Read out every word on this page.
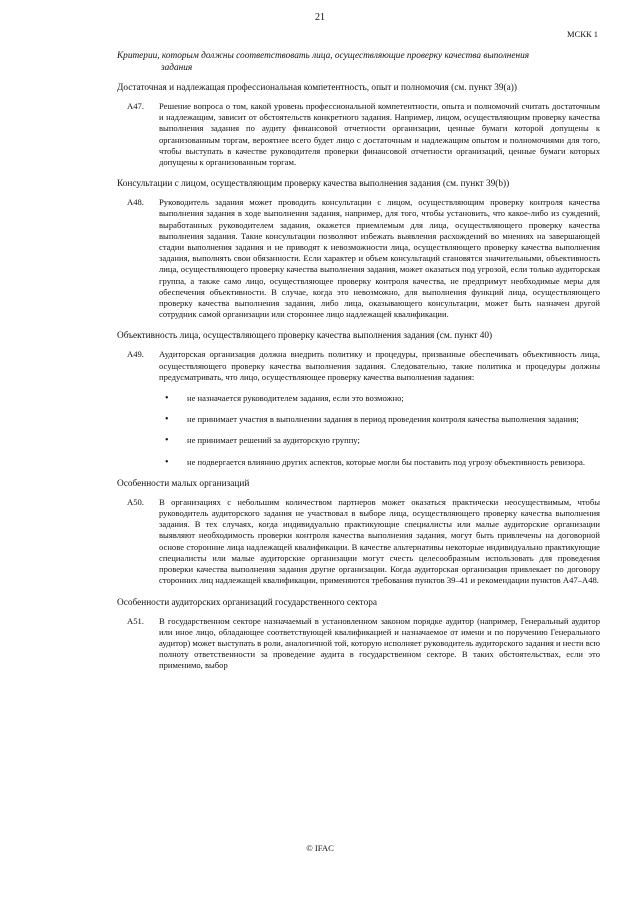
21
МСКК 1
Критерии, которым должны соответствовать лица, осуществляющие проверку качества выполнения
задания
Достаточная и надлежащая профессиональная компетентность, опыт и полномочия (см. пункт 39(a))
A47.	Решение вопроса о том, какой уровень профессиональной компетентности, опыта и полномочий считать достаточным и надлежащим, зависит от обстоятельств конкретного задания. Например, лицом, осуществляющим проверку качества выполнения задания по аудиту финансовой отчетности организации, ценные бумаги которой допущены к организованным торгам, вероятнее всего будет лицо с достаточным и надлежащим опытом и полномочиями для того, чтобы выступать в качестве руководителя проверки финансовой отчетности организаций, ценные бумаги которых допущены к организованным торгам.
Консультации с лицом, осуществляющим проверку качества выполнения задания (см. пункт 39(b))
A48.	Руководитель задания может проводить консультации с лицом, осуществляющим проверку контроля качества выполнения задания в ходе выполнения задания, например, для того, чтобы установить, что какое-либо из суждений, выработанных руководителем задания, окажется приемлемым для лица, осуществляющего проверку качества выполнения задания. Такие консультации позволяют избежать выявления расхождений во мнениях на завершающей стадии выполнения задания и не приводят к невозможности лица, осуществляющего проверку качества выполнения задания, выполнять свои обязанности. Если характер и объем консультаций становятся значительными, объективность лица, осуществляющего проверку качества выполнения задания, может оказаться под угрозой, если только аудиторская группа, а также само лицо, осуществляющее проверку контроля качества, не предпримут необходимые меры для обеспечения объективности. В случае, когда это невозможно, для выполнения функций лица, осуществляющего проверку качества выполнения задания, либо лица, оказывающего консультации, может быть назначен другой сотрудник самой организации или стороннее лицо надлежащей квалификации.
Объективность лица, осуществляющего проверку качества выполнения задания (см. пункт 40)
A49.	Аудиторская организация должна внедрить политику и процедуры, призванные обеспечивать объективность лица, осуществляющего проверку качества выполнения задания. Следовательно, такие политика и процедуры должны предусматривать, что лицо, осуществляющее проверку качества выполнения задания:
•	не назначается руководителем задания, если это возможно;
•	не принимает участия в выполнении задания в период проведения контроля качества выполнения задания;
•	не принимает решений за аудиторскую группу;
•	не подвергается влиянию других аспектов, которые могли бы поставить под угрозу объективность ревизора.
Особенности малых организаций
A50.	В организациях с небольшим количеством партнеров может оказаться практически неосуществимым, чтобы руководитель аудиторского задания не участвовал в выборе лица, осуществляющего проверку качества выполнения задания. В тех случаях, когда индивидуально практикующие специалисты или малые аудиторские организации выявляют необходимость проверки контроля качества выполнения задания, могут быть привлечены на договорной основе сторонние лица надлежащей квалификации. В качестве альтернативы некоторые индивидуально практикующие специалисты или малые аудиторские организации могут счесть целесообразным использовать для проведения проверки качества выполнения задания другие организации. Когда аудиторская организация привлекает по договору сторонних лиц надлежащей квалификации, применяются требования пунктов 39–41 и рекомендации пунктов A47–A48.
Особенности аудиторских организаций государственного сектора
A51.	В государственном секторе назначаемый в установленном законом порядке аудитор (например, Генеральный аудитор или иное лицо, обладающее соответствующей квалификацией и назначаемое от имени и по поручению Генерального аудитор) может выступать в роли, аналогичной той, которую исполняет руководитель аудиторского задания и нести всю полноту ответственности за проведение аудита в государственном секторе. В таких обстоятельствах, если это применимо, выбор
© IFAC
